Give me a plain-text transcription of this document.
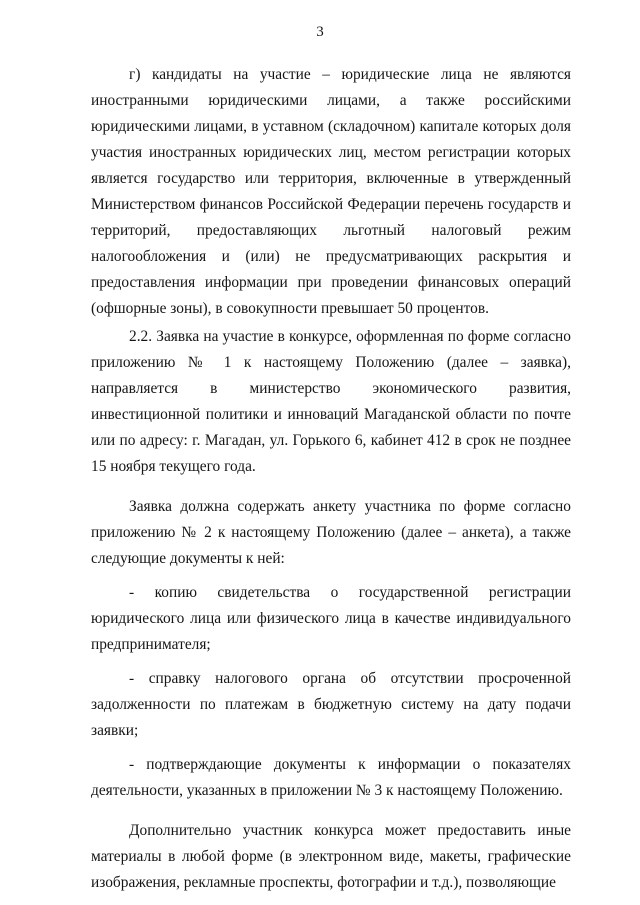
3

г) кандидаты на участие – юридические лица не являются иностранными юридическими лицами, а также российскими юридическими лицами, в уставном (складочном) капитале которых доля участия иностранных юридических лиц, местом регистрации которых является государство или территория, включенные в утвержденный Министерством финансов Российской Федерации перечень государств и территорий, предоставляющих льготный налоговый режим налогообложения и (или) не предусматривающих раскрытия и предоставления информации при проведении финансовых операций (офшорные зоны), в совокупности превышает 50 процентов.

2.2. Заявка на участие в конкурсе, оформленная по форме согласно приложению № 1 к настоящему Положению (далее – заявка), направляется в министерство экономического развития, инвестиционной политики и инноваций Магаданской области по почте или по адресу: г. Магадан, ул. Горького 6, кабинет 412 в срок не позднее 15 ноября текущего года.

Заявка должна содержать анкету участника по форме согласно приложению № 2 к настоящему Положению (далее – анкета), а также следующие документы к ней:

- копию свидетельства о государственной регистрации юридического лица или физического лица в качестве индивидуального предпринимателя;

- справку налогового органа об отсутствии просроченной задолженности по платежам в бюджетную систему на дату подачи заявки;

- подтверждающие документы к информации о показателях деятельности, указанных в приложении № 3 к настоящему Положению.

Дополнительно участник конкурса может предоставить иные материалы в любой форме (в электронном виде, макеты, графические изображения, рекламные проспекты, фотографии и т.д.), позволяющие
